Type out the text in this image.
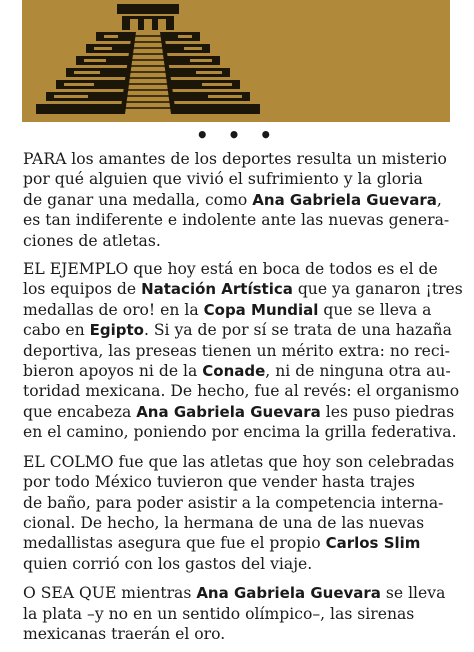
• • •

PARA los amantes de los deportes resulta un misterio
por qué alguien que vivió el sufrimiento y la gloria
de ganar una medalla, como Ana Gabriela Guevara,
es tan indiferente e indolente ante las nuevas genera-
ciones de atletas.

EL EJEMPLO que hoy está en boca de todos es el de
los equipos de Natación Artística que ya ganaron ¡tres
medallas de oro! en la Copa Mundial que se lleva a
cabo en Egipto. Si ya de por sí se trata de una hazaña
deportiva, las preseas tienen un mérito extra: no reci-
bieron apoyos ni de la Conade, ni de ninguna otra au-
toridad mexicana. De hecho, fue al revés: el organismo
que encabeza Ana Gabriela Guevara les puso piedras
en el camino, poniendo por encima la grilla federativa.

EL COLMO fue que las atletas que hoy son celebradas
por todo México tuvieron que vender hasta trajes
de baño, para poder asistir a la competencia interna-
cional. De hecho, la hermana de una de las nuevas
medallistas asegura que fue el propio Carlos Slim
quien corrió con los gastos del viaje.

O SEA QUE mientras Ana Gabriela Guevara se lleva
la plata –y no en un sentido olímpico–, las sirenas
mexicanas traerán el oro.
